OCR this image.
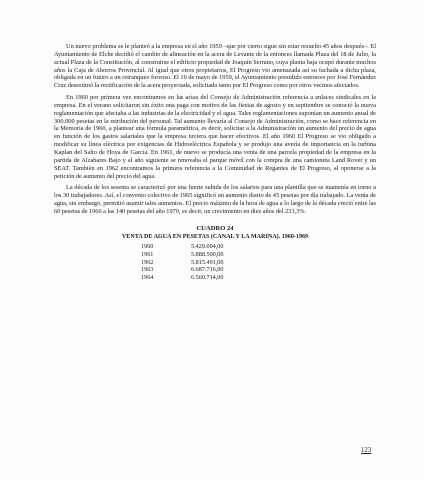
Un nuevo problema se le planteó a la empresa en el año 1959 –que por cierto sigue sin estar resuelto 45 años después–. El Ayuntamiento de Elche decidió el cambio de alineación en la acera de Levante de la entonces llamada Plaza del 18 de Julio, la actual Plaza de la Constitución, al construirse el edificio propiedad de Joaquín Serrano, cuya planta baja ocupó durante muchos años la Caja de Ahorros Provincial. Al igual que otros propietarios, El Progreso vio amenazada así su fachada a dicha plaza, obligada en un futuro a un retranqueo forzoso. El 10 de mayo de 1959, el Ayuntamiento presidido entonces por José Fernández Cruz desestimó la rectificación de la acera proyectada, solicitada tanto por El Progreso como por otros vecinos afectados.

En 1960 por primera vez encontramos en las actas del Consejo de Administración referencia a enlaces sindicales en la empresa. En el verano solicitaron sin éxito una paga con motivo de las fiestas de agosto y en septiembre se conoció la nueva reglamentación que afectaba a las industrias de la electricidad y el agua. Tales reglamentaciones suponían un aumento anual de 300.000 pesetas en la retribución del personal. Tal aumento llevaría al Consejo de Administración, como se hace referencia en la Memoria de 1960, a plantear una fórmula paramétrica, es decir, solicitar a la Administración un aumento del precio de agua en función de los gastos salariales que la empresa tuviera que hacer efectivos. El año 1960 El Progreso se vio obligado a modificar su línea eléctrica por exigencias de Hidroeléctrica Española y se produjo una avería de importancia en la turbina Kaplan del Salto de Hoya de García. En 1961, de nuevo se producía una venta de una parcela propiedad de la empresa en la partida de Alzabares Bajo y al año siguiente se renovaba el parque móvil con la compra de una camioneta Land Rover y un SEAT. También en 1962 encontramos la primera referencia a la Comunidad de Regantes de El Progreso, al oponerse a la petición de aumento del precio del agua.

La década de los sesenta se caracterizó por una fuerte subida de los salarios para una plantilla que se mantenía en torno a los 30 trabajadores. Así, el convenio colectivo de 1965 significó un aumento diario de 45 pesetas por día trabajado. La venta de agua, sin embargo, permitió asumir tales aumentos. El precio máximo de la hora de agua a lo largo de la década creció entre las 60 pesetas de 1960 a las 140 pesetas del año 1970, es decir, un crecimiento en diez años del 233,3%.

CUADRO 24
VENTA DE AGUA EN PESETAS (CANAL Y LA MARINA). 1960-1969
1960	5.429.094,00
1961	5.888.500,00
1962	5.815.491,00
1963	6.687.716,00
1964	6.560.714,00
123
